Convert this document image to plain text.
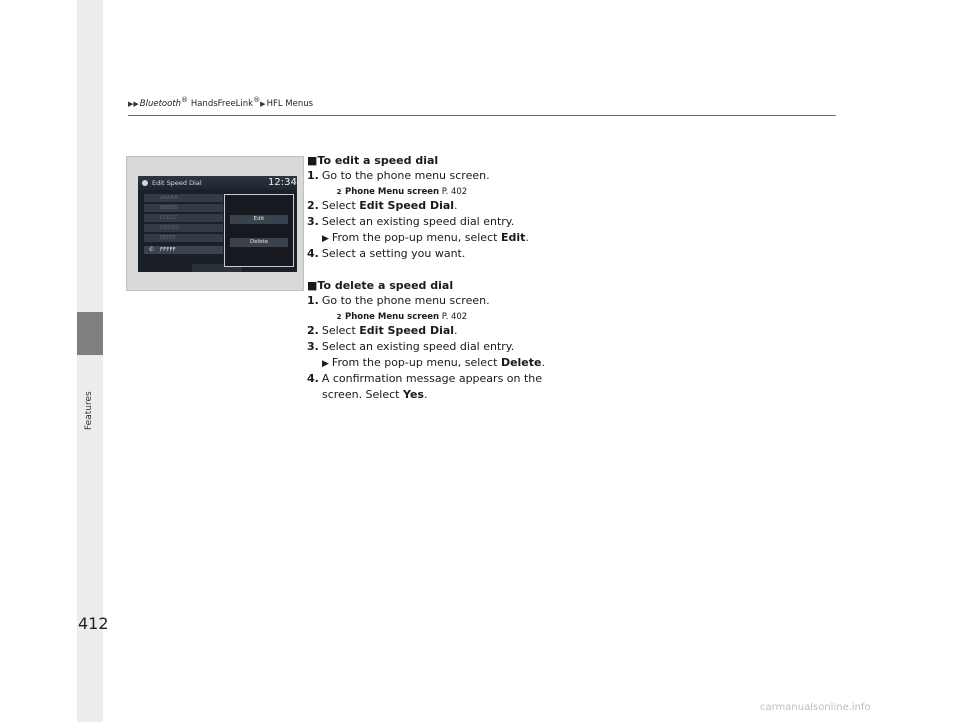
▶▶Bluetooth® HandsFreeLink®▶HFL Menus
Features
412
Edit Speed Dial	12:34
AAAAA
BBBBB
CCCCC
DDDDD
EEEEE
✆ FFFFF
Edit
Delete
■To edit a speed dial
1. Go to the phone menu screen.
2 Phone Menu screen P. 402
2. Select Edit Speed Dial.
3. Select an existing speed dial entry.
▶ From the pop-up menu, select Edit.
4. Select a setting you want.
■To delete a speed dial
1. Go to the phone menu screen.
2 Phone Menu screen P. 402
2. Select Edit Speed Dial.
3. Select an existing speed dial entry.
▶ From the pop-up menu, select Delete.
4. A confirmation message appears on the
screen. Select Yes.
carmanualsonline.info
